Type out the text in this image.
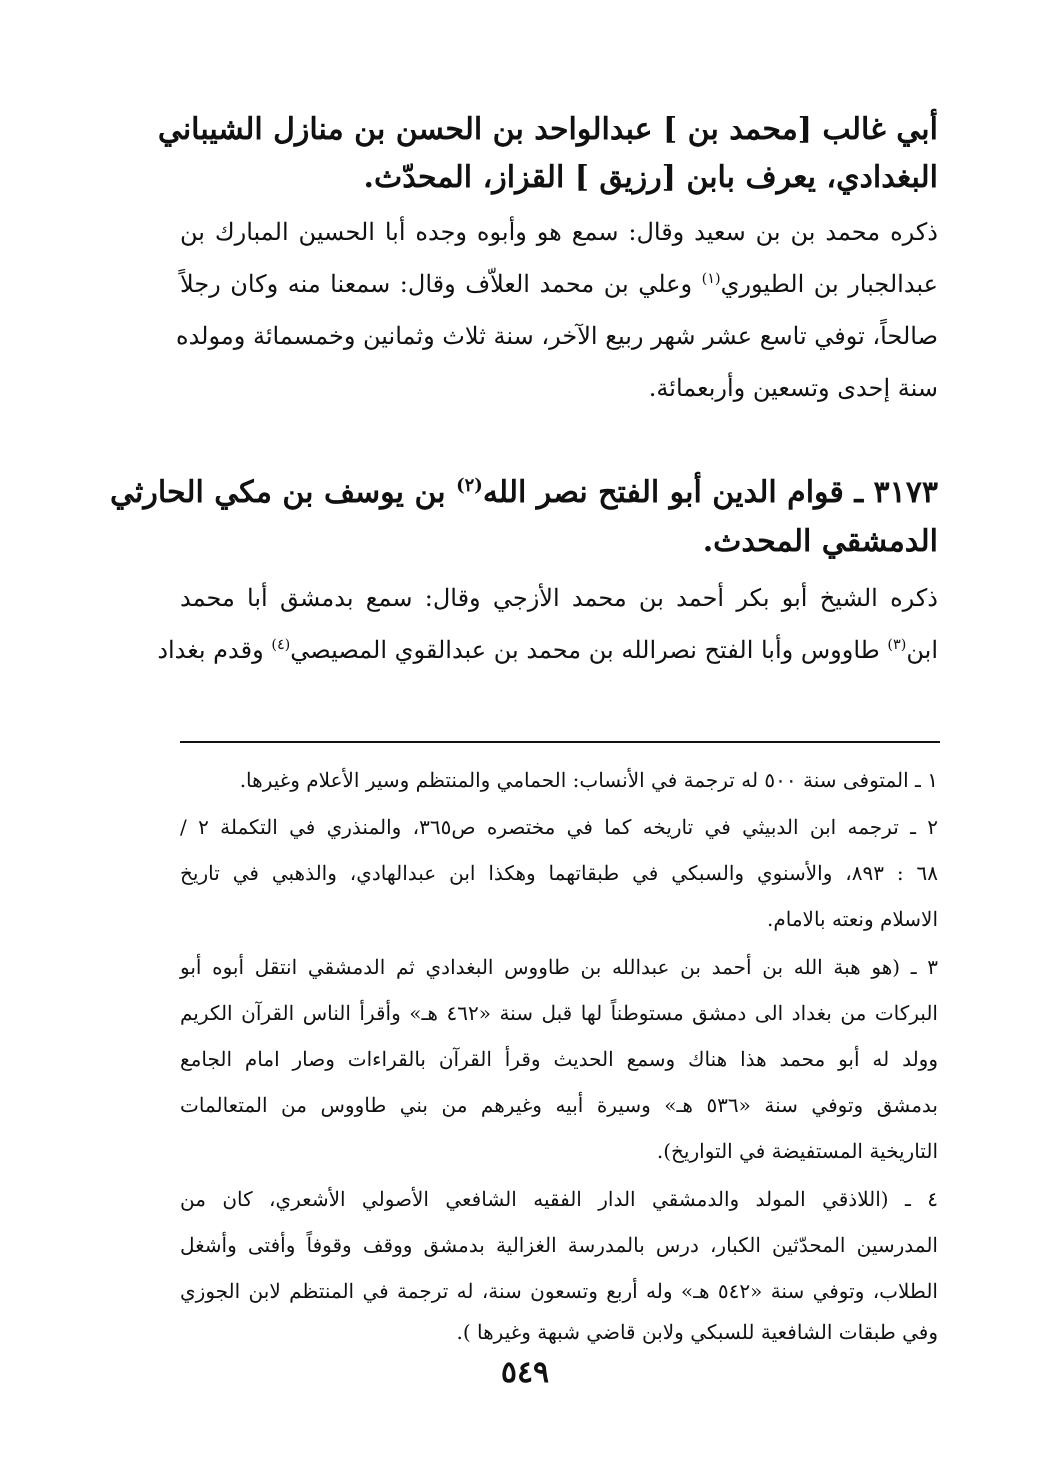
أبي غالب [محمد بن ] عبدالواحد بن الحسن بن منازل الشيباني
البغدادي، يعرف بابن [رزيق ] القزاز، المحدّث.
ذكره محمد بن بن سعيد وقال: سمع هو وأبوه وجده أبا الحسين المبارك بن
عبدالجبار بن الطيوري$^{(١)}$ وعلي بن محمد العلاّف وقال: سمعنا منه وكان رجلاً
صالحاً، توفي تاسع عشر شهر ربيع الآخر، سنة ثلاث وثمانين وخمسمائة ومولده
سنة إحدى وتسعين وأربعمائة.
٣١٧٣ ـ قوام الدين أبو الفتح نصر الله$^{(٢)}$ بن يوسف بن مكي الحارثي
الدمشقي المحدث.
ذكره الشيخ أبو بكر أحمد بن محمد الأزجي وقال: سمع بدمشق أبا محمد
ابن$^{(٣)}$ طاووس وأبا الفتح نصرالله بن محمد بن عبدالقوي المصيصي$^{(٤)}$ وقدم بغداد
١ ـ المتوفى سنة ٥٠٠ له ترجمة في الأنساب: الحمامي والمنتظم وسير الأعلام وغيرها.
٢ ـ ترجمه ابن الدبيثي في تاريخه كما في مختصره ص٣٦٥، والمنذري في التكملة ٢ /
٦٨ : ٨٩٣، والأسنوي والسبكي في طبقاتهما وهكذا ابن عبدالهادي، والذهبي في تاريخ
الاسلام ونعته بالامام.
٣ ـ (هو هبة الله بن أحمد بن عبدالله بن طاووس البغدادي ثم الدمشقي انتقل أبوه أبو
البركات من بغداد الى دمشق مستوطناً لها قبل سنة «٤٦٢ هـ» وأقرأ الناس القرآن الكريم
وولد له أبو محمد هذا هناك وسمع الحديث وقرأ القرآن بالقراءات وصار امام الجامع
بدمشق وتوفي سنة «٥٣٦ هـ» وسيرة أبيه وغيرهم من بني طاووس من المتعالمات
التاريخية المستفيضة في التواريخ).
٤ ـ (اللاذقي المولد والدمشقي الدار الفقيه الشافعي الأصولي الأشعري، كان من
المدرسين المحدّثين الكبار، درس بالمدرسة الغزالية بدمشق ووقف وقوفاً وأفتى وأشغل
الطلاب، وتوفي سنة «٥٤٢ هـ» وله أربع وتسعون سنة، له ترجمة في المنتظم لابن الجوزي
وفي طبقات الشافعية للسبكي ولابن قاضي شبهة وغيرها ).
٥٤٩
